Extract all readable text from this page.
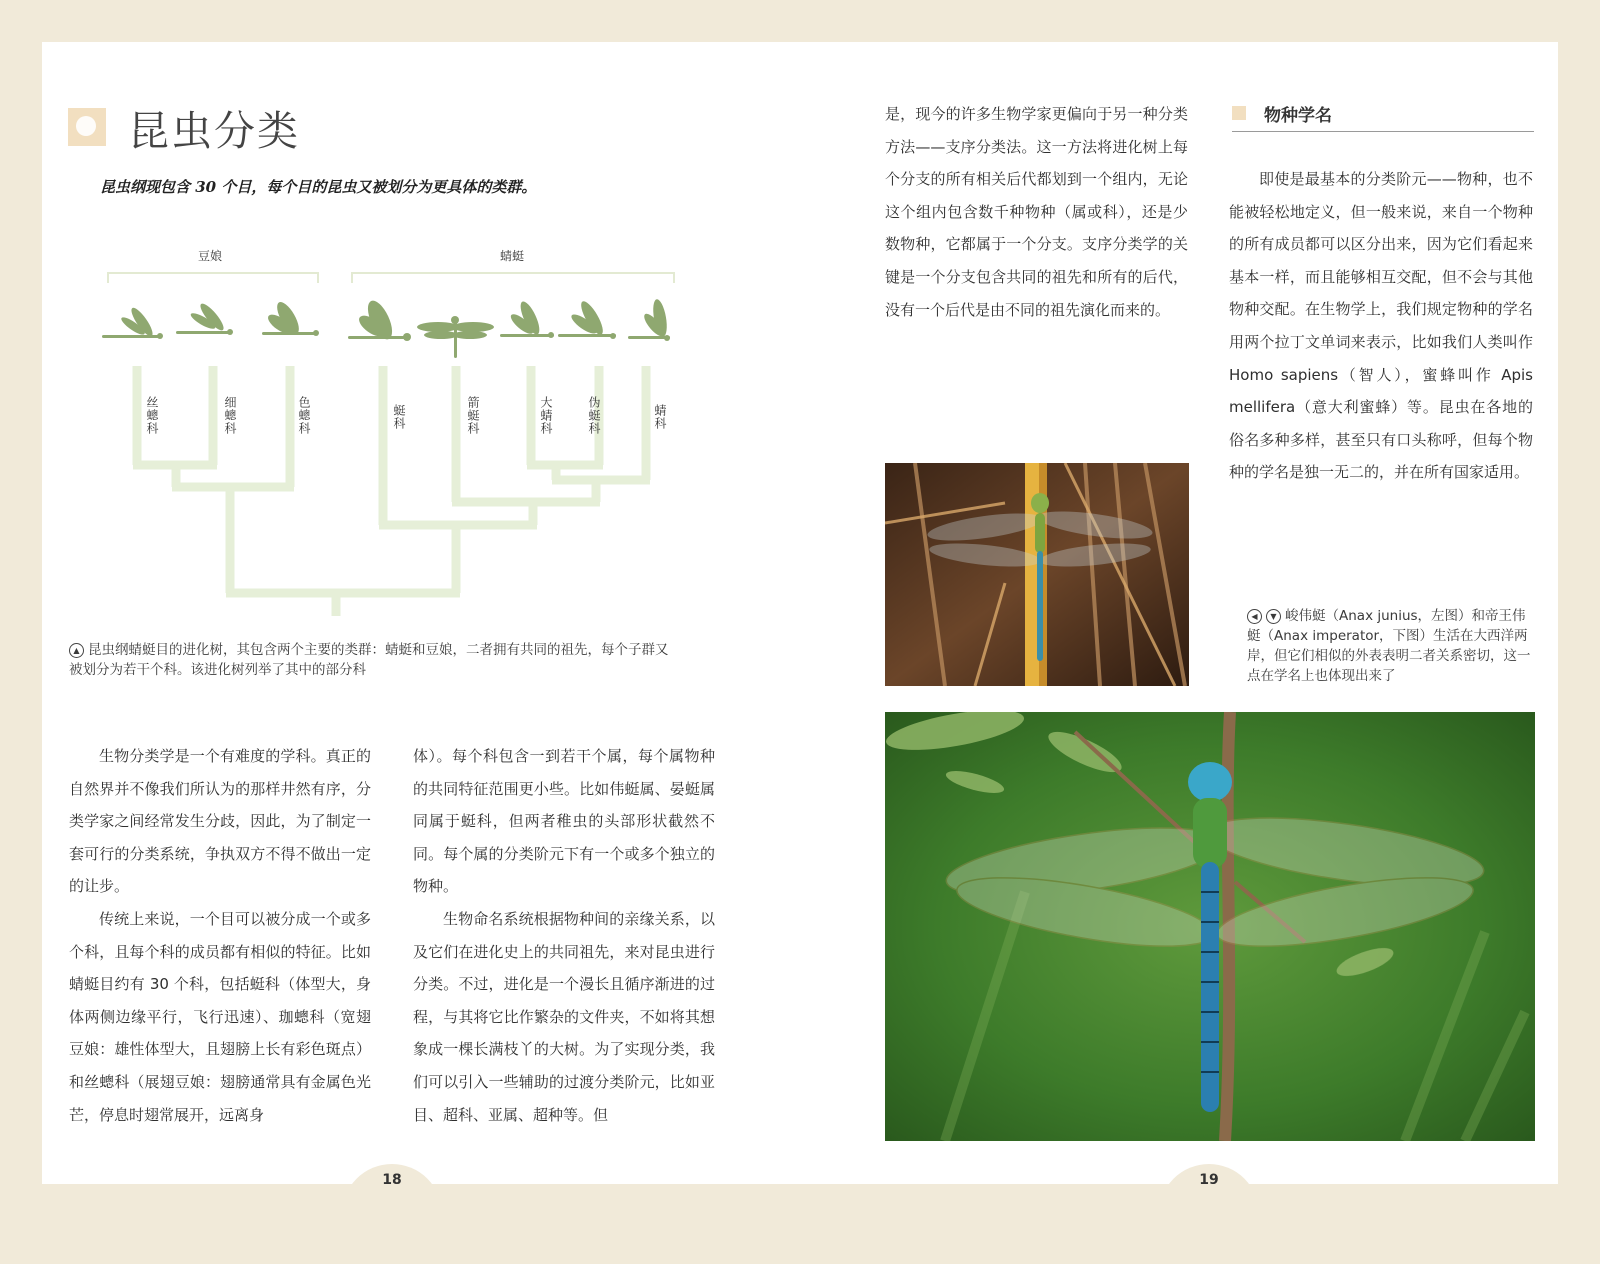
昆虫分类
昆虫纲现包含 30 个目，每个目的昆虫又被划分为更具体的类群。
豆娘	蜻蜓
丝蟌科	细蟌科	色蟌科	蜓科	箭蜓科	大蜻科	伪蜓科	蜻科
▲ 昆虫纲蜻蜓目的进化树，其包含两个主要的类群：蜻蜓和豆娘，二者拥有共同的祖先，每个子群又被划分为若干个科。该进化树列举了其中的部分科

生物分类学是一个有难度的学科。真正的自然界并不像我们所认为的那样井然有序，分类学家之间经常发生分歧，因此，为了制定一套可行的分类系统，争执双方不得不做出一定的让步。

传统上来说，一个目可以被分成一个或多个科，且每个科的成员都有相似的特征。比如蜻蜓目约有 30 个科，包括蜓科（体型大，身体两侧边缘平行，飞行迅速）、珈蟌科（宽翅豆娘：雄性体型大，且翅膀上长有彩色斑点）和丝蟌科（展翅豆娘：翅膀通常具有金属色光芒，停息时翅常展开，远离身

体）。每个科包含一到若干个属，每个属物种的共同特征范围更小些。比如伟蜓属、晏蜓属同属于蜓科，但两者稚虫的头部形状截然不同。每个属的分类阶元下有一个或多个独立的物种。

生物命名系统根据物种间的亲缘关系，以及它们在进化史上的共同祖先，来对昆虫进行分类。不过，进化是一个漫长且循序渐进的过程，与其将它比作繁杂的文件夹，不如将其想象成一棵长满枝丫的大树。为了实现分类，我们可以引入一些辅助的过渡分类阶元，比如亚目、超科、亚属、超种等。但

18	19

是，现今的许多生物学家更偏向于另一种分类方法——支序分类法。这一方法将进化树上每个分支的所有相关后代都划到一个组内，无论这个组内包含数千种物种（属或科），还是少数物种，它都属于一个分支。支序分类学的关键是一个分支包含共同的祖先和所有的后代，没有一个后代是由不同的祖先演化而来的。

物种学名

即使是最基本的分类阶元——物种，也不能被轻松地定义，但一般来说，来自一个物种的所有成员都可以区分出来，因为它们看起来基本一样，而且能够相互交配，但不会与其他物种交配。在生物学上，我们规定物种的学名用两个拉丁文单词来表示，比如我们人类叫作 Homo sapiens（智人），蜜蜂叫作 Apis mellifera（意大利蜜蜂）等。昆虫在各地的俗名多种多样，甚至只有口头称呼，但每个物种的学名是独一无二的，并在所有国家适用。

◀ ▼ 峻伟蜓（Anax junius，左图）和帝王伟蜓（Anax imperator，下图）生活在大西洋两岸，但它们相似的外表表明二者关系密切，这一点在学名上也体现出来了
